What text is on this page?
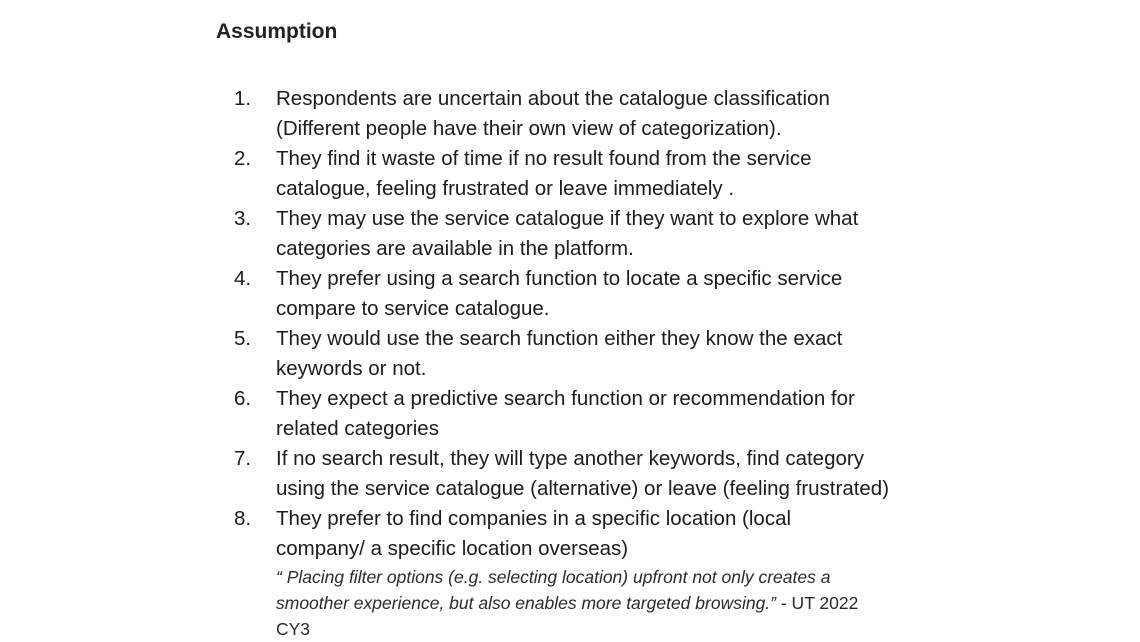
Assumption
1. Respondents are uncertain about the catalogue classification
(Different people have their own view of categorization).
2. They find it waste of time if no result found from the service
catalogue, feeling frustrated or leave immediately .
3. They may use the service catalogue if they want to explore what
categories are available in the platform.
4. They prefer using a search function to locate a specific service
compare to service catalogue.
5. They would use the search function either they know the exact
keywords or not.
6. They expect a predictive search function or recommendation for
related categories
7. If no search result, they will type another keywords, find category
using the service catalogue (alternative) or leave (feeling frustrated)
8. They prefer to find companies in a specific location (local
company/ a specific location overseas)
“ Placing filter options (e.g. selecting location) upfront not only creates a
smoother experience, but also enables more targeted browsing.” - UT 2022
CY3
